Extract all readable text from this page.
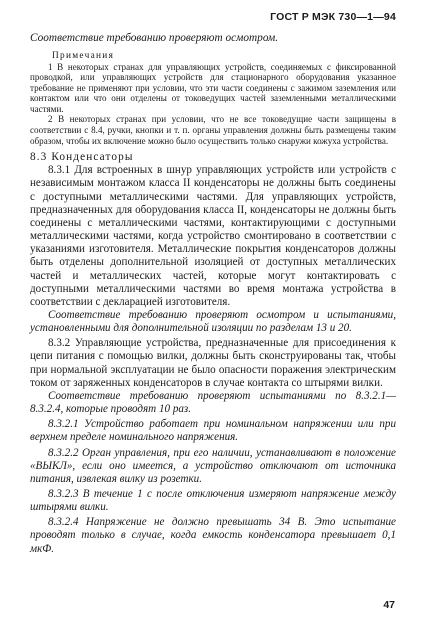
ГОСТ Р МЭК 730—1—94

Соответствие требованию проверяют осмотром.

Примечания

1 В некоторых странах для управляющих устройств, соединяемых с фиксированной проводкой, или управляющих устройств для стационарного оборудования указанное требование не применяют при условии, что эти части соединены с зажимом заземления или контактом или что они отделены от токоведущих частей заземленными металлическими частями.

2 В некоторых странах при условии, что не все токоведущие части защищены в соответствии с 8.4, ручки, кнопки и т. п. органы управления должны быть размещены таким образом, чтобы их включение можно было осуществить только снаружи кожуха устройства.

8.3 Конденсаторы

8.3.1 Для встроенных в шнур управляющих устройств или устройств с независимым монтажом класса II конденсаторы не должны быть соединены с доступными металлическими частями. Для управляющих устройств, предназначенных для оборудования класса II, конденсаторы не должны быть соединены с металлическими частями, контактирующими с доступными металлическими частями, когда устройство смонтировано в соответствии с указаниями изготовителя. Металлические покрытия конденсаторов должны быть отделены дополнительной изоляцией от доступных металлических частей и металлических частей, которые могут контактировать с доступными металлическими частями во время монтажа устройства в соответствии с декларацией изготовителя.

Соответствие требованию проверяют осмотром и испытаниями, установленными для дополнительной изоляции по разделам 13 и 20.

8.3.2 Управляющие устройства, предназначенные для присоединения к цепи питания с помощью вилки, должны быть сконструированы так, чтобы при нормальной эксплуатации не было опасности поражения электрическим током от заряженных конденсаторов в случае контакта со штырями вилки.

Соответствие требованию проверяют испытаниями по 8.3.2.1—8.3.2.4, которые проводят 10 раз.

8.3.2.1 Устройство работает при номинальном напряжении или при верхнем пределе номинального напряжения.

8.3.2.2 Орган управления, при его наличии, устанавливают в положение «ВЫКЛ», если оно имеется, а устройство отключают от источника питания, извлекая вилку из розетки.

8.3.2.3 В течение 1 с после отключения измеряют напряжение между штырями вилки.

8.3.2.4 Напряжение не должно превышать 34 В. Это испытание проводят только в случае, когда емкость конденсатора превышает 0,1 мкФ.

47
